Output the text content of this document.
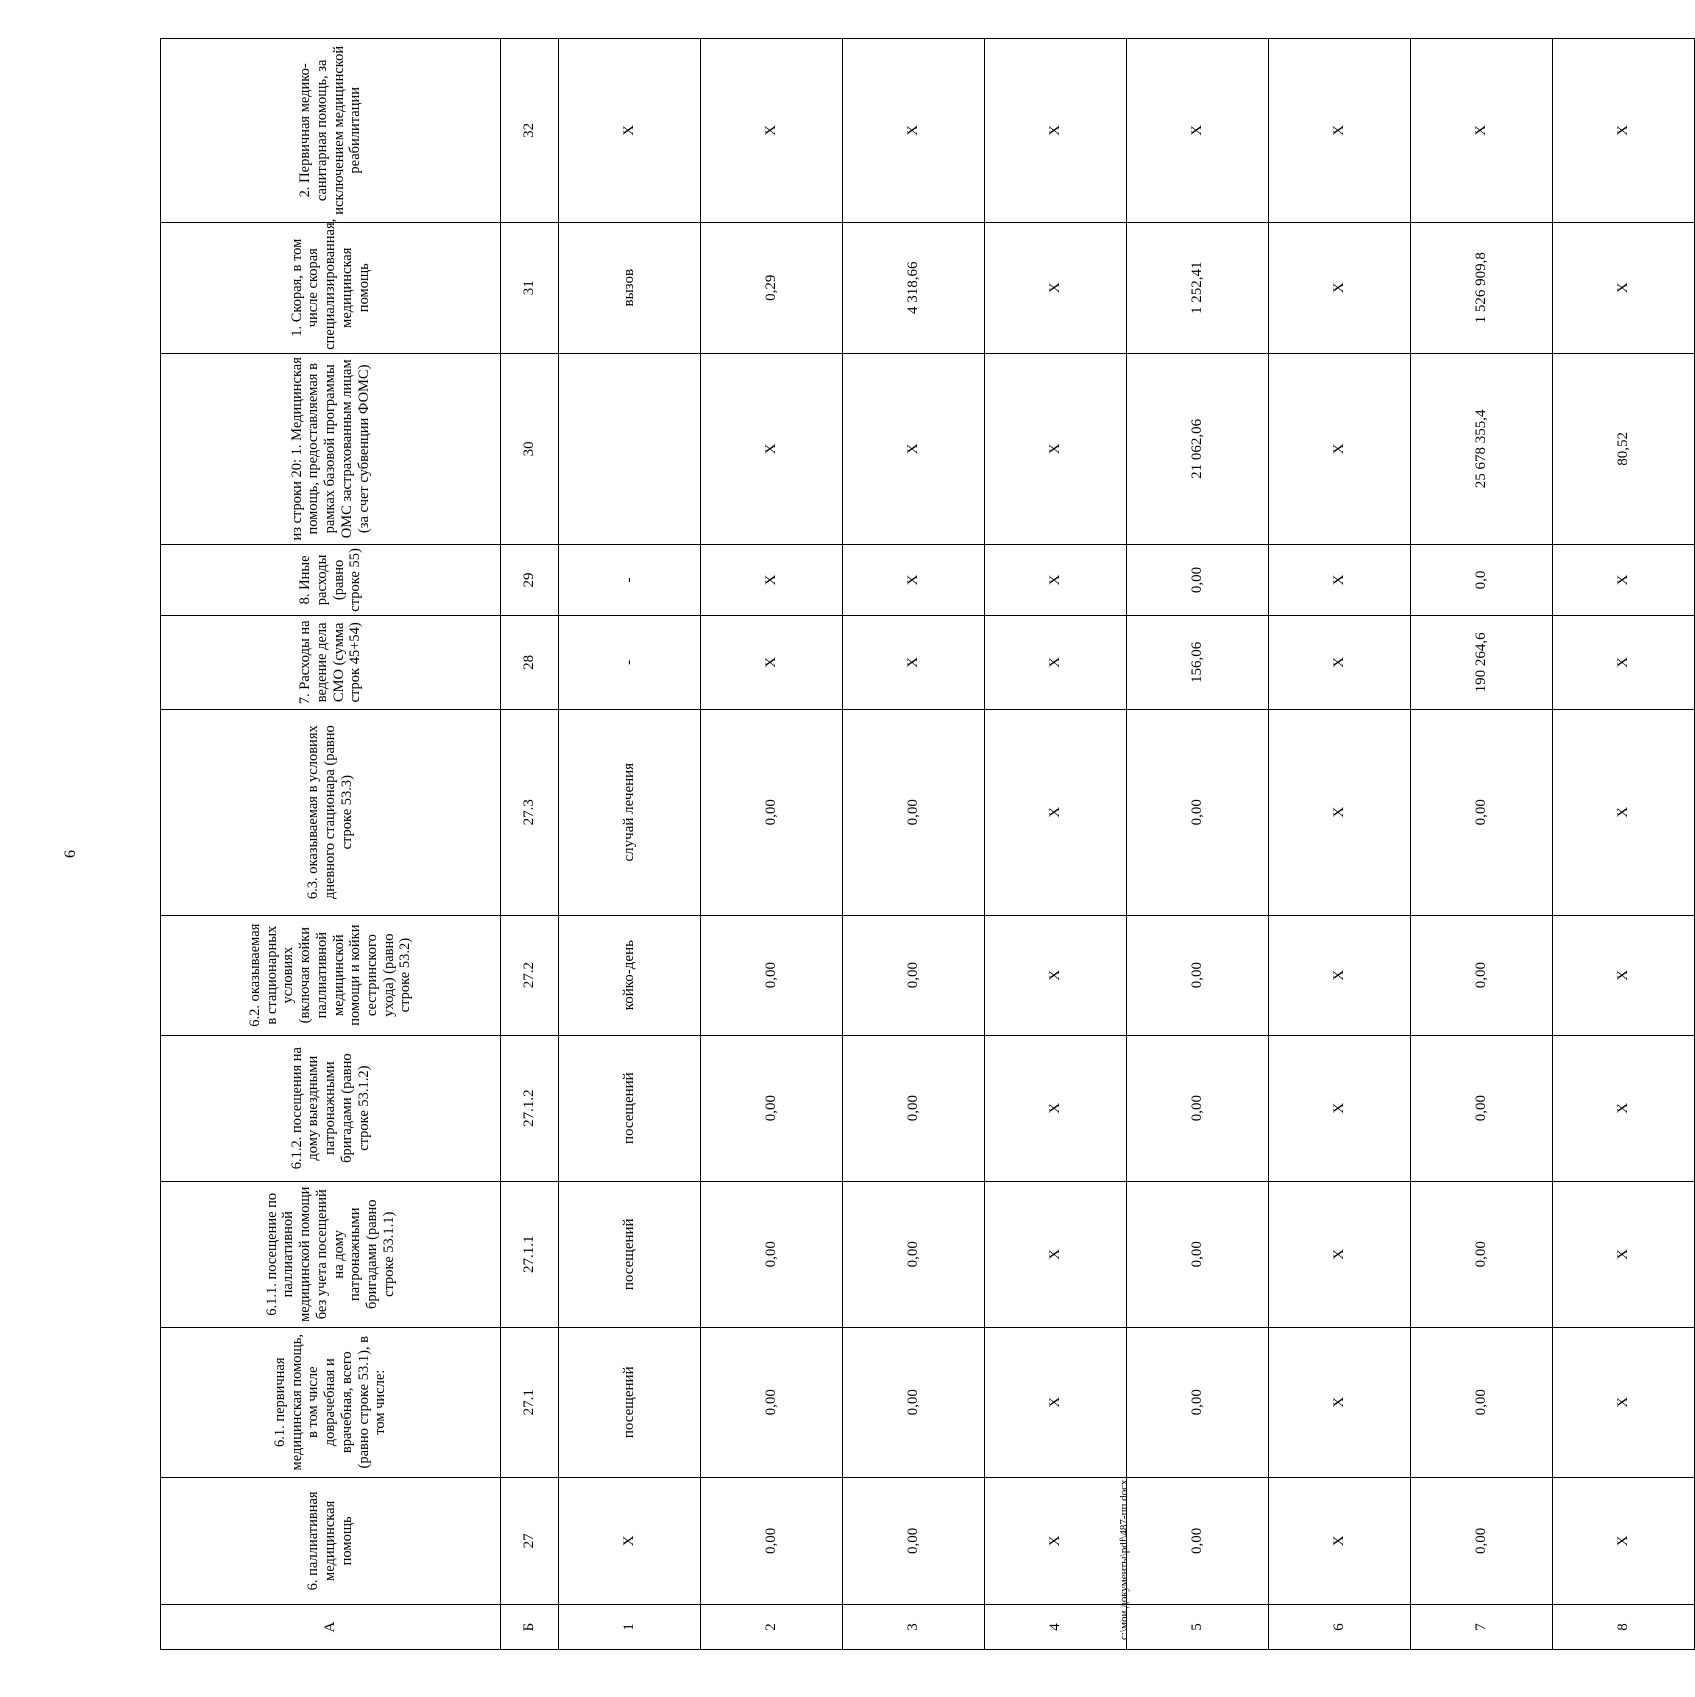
6
c:\мои документы\pdf\487-пп.docx
А	6. паллиативная медицинская помощь	6.1. первичная медицинская помощь, в том числе доврачебная и врачебная, всего (равно строке 53.1), в том числе:	6.1.1. посещение по паллиативной медицинской помощи без учета посещений на дому патронажными бригадами (равно строке 53.1.1)	6.1.2. посещения на дому выездными патронажными бригадами (равно строке 53.1.2)	6.2. оказываемая в стационарных условиях (включая койки паллиативной медицинской помощи и койки сестринского ухода) (равно строке 53.2)	6.3. оказываемая в условиях дневного стационара (равно строке 53.3)	7. Расходы на ведение дела СМО (сумма строк 45+54)	8. Иные расходы (равно строке 55)	из строки 20: 1. Медицинская помощь, предоставляемая в рамках базовой программы ОМС застрахованным лицам (за счет субвенции ФОМС)	1. Скорая, в том числе скорая специализированная, медицинская помощь	2. Первичная медико-санитарная помощь, за исключением медицинской реабилитации
Б	27	27.1	27.1.1	27.1.2	27.2	27.3	28	29	30	31	32
1	Х	посещений	посещений	посещений	койко-день	случай лечения	-	-		вызов	Х
2	0,00	0,00	0,00	0,00	0,00	0,00	Х	Х	Х	0,29	Х
3	0,00	0,00	0,00	0,00	0,00	0,00	Х	Х	Х	4 318,66	Х
4	Х	Х	Х	Х	Х	Х	Х	Х	Х	Х	Х
5	0,00	0,00	0,00	0,00	0,00	0,00	156,06	0,00	21 062,06	1 252,41	Х
6	Х	Х	Х	Х	Х	Х	Х	Х	Х	Х	Х
7	0,00	0,00	0,00	0,00	0,00	0,00	190 264,6	0,0	25 678 355,4	1 526 909,8	Х
8	Х	Х	Х	Х	Х	Х	Х	Х	80,52	Х	Х
